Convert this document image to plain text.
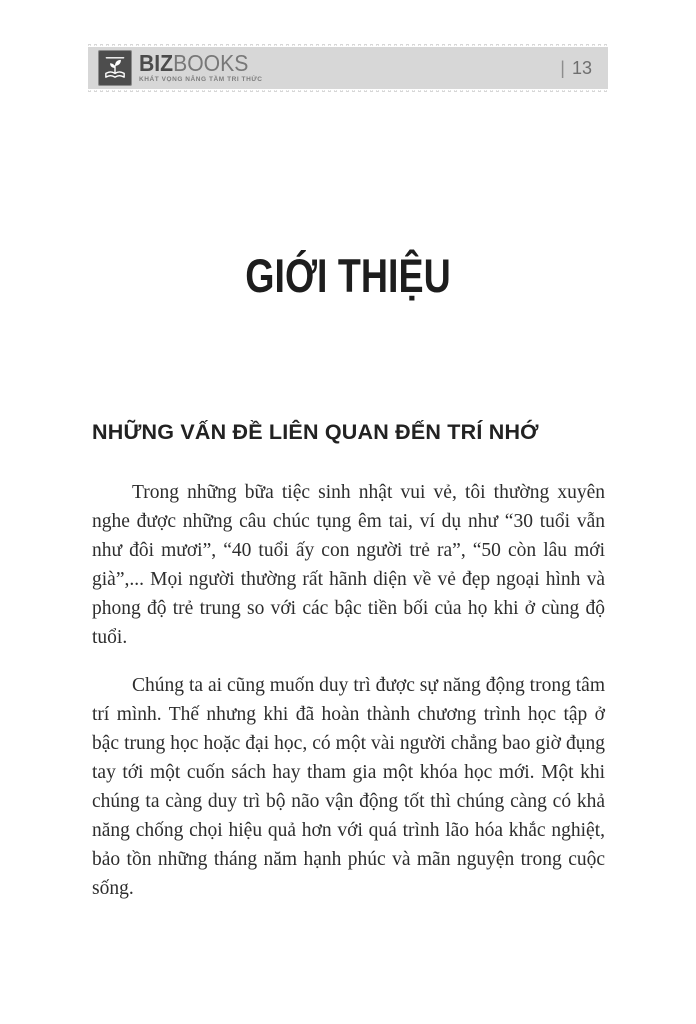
BIZBOOKS
KHÁT VỌNG NÂNG TẦM TRI THỨC
| 13
GIỚI THIỆU
NHỮNG VẤN ĐỀ LIÊN QUAN ĐẾN TRÍ NHỚ

Trong những bữa tiệc sinh nhật vui vẻ, tôi thường xuyên nghe được những câu chúc tụng êm tai, ví dụ như “30 tuổi vẫn như đôi mươi”, “40 tuổi ấy con người trẻ ra”, “50 còn lâu mới già”,... Mọi người thường rất hãnh diện về vẻ đẹp ngoại hình và phong độ trẻ trung so với các bậc tiền bối của họ khi ở cùng độ tuổi.

Chúng ta ai cũng muốn duy trì được sự năng động trong tâm trí mình. Thế nhưng khi đã hoàn thành chương trình học tập ở bậc trung học hoặc đại học, có một vài người chẳng bao giờ đụng tay tới một cuốn sách hay tham gia một khóa học mới. Một khi chúng ta càng duy trì bộ não vận động tốt thì chúng càng có khả năng chống chọi hiệu quả hơn với quá trình lão hóa khắc nghiệt, bảo tồn những tháng năm hạnh phúc và mãn nguyện trong cuộc sống.
